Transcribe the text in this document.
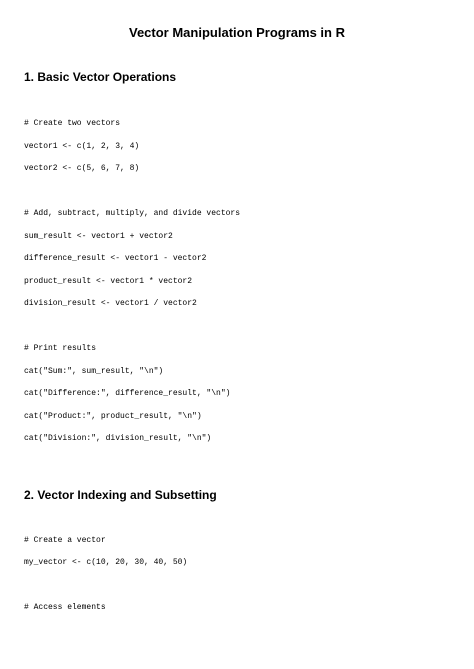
Vector Manipulation Programs in R
1. Basic Vector Operations
# Create two vectors
vector1 <- c(1, 2, 3, 4)
vector2 <- c(5, 6, 7, 8)
# Add, subtract, multiply, and divide vectors
sum_result <- vector1 + vector2
difference_result <- vector1 - vector2
product_result <- vector1 * vector2
division_result <- vector1 / vector2
# Print results
cat("Sum:", sum_result, "\n")
cat("Difference:", difference_result, "\n")
cat("Product:", product_result, "\n")
cat("Division:", division_result, "\n")
2. Vector Indexing and Subsetting
# Create a vector
my_vector <- c(10, 20, 30, 40, 50)
# Access elements
